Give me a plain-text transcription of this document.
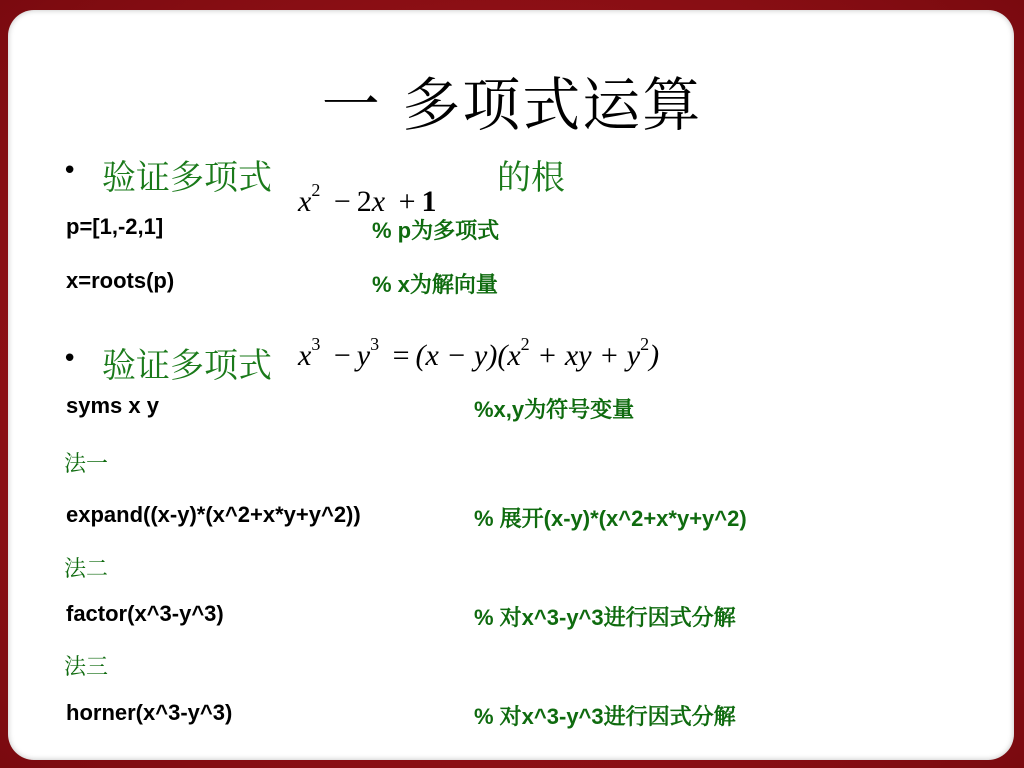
一 多项式运算
• 验证多项式	的根
$x^2 - 2x + 1$
p=[1,-2,1]	% p为多项式
x=roots(p)	% x为解向量
• 验证多项式 $x^3 - y^3 = (x - y)(x^2$ + xy + $y^2$)
syms x y	%x,y为符号变量
法一
expand((x-y)*(x^2+x*y+y^2))	% 展开(x-y)*(x^2+x*y+y^2)
法二
factor(x^3-y^3)	% 对x^3-y^3进行因式分解
法三
horner(x^3-y^3)	% 对x^3-y^3进行因式分解
